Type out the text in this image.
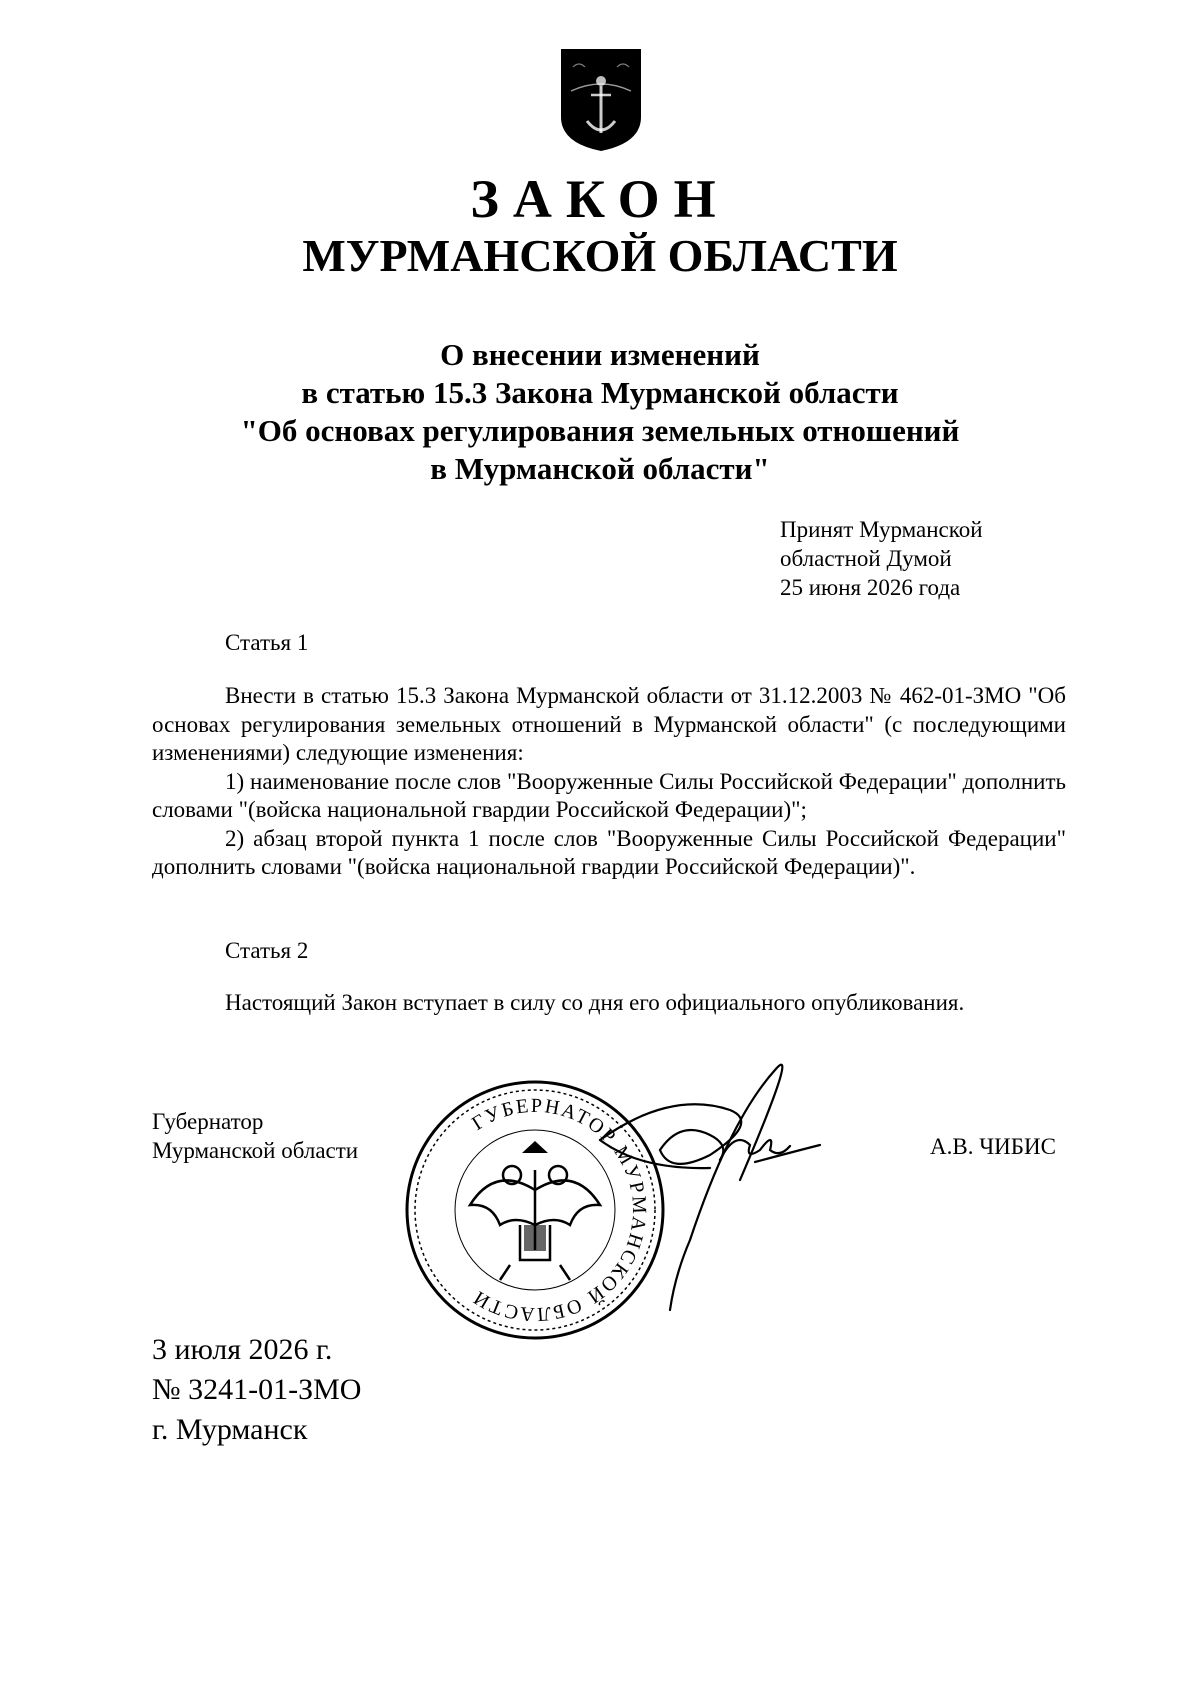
ЗАКОН
МУРМАНСКОЙ ОБЛАСТИ
О внесении изменений
в статью 15.3 Закона Мурманской области
"Об основах регулирования земельных отношений
в Мурманской области"
Принят Мурманской
областной Думой
25 июня 2026 года
Статья 1

Внести в статью 15.3 Закона Мурманской области от 31.12.2003 № 462-01-ЗМО "Об основах регулирования земельных отношений в Мурманской области" (с последующими изменениями) следующие изменения:

1) наименование после слов "Вооруженные Силы Российской Федерации" дополнить словами "(войска национальной гвардии Российской Федерации)";

2) абзац второй пункта 1 после слов "Вооруженные Силы Российской Федерации" дополнить словами "(войска национальной гвардии Российской Федерации)".

Статья 2
Настоящий Закон вступает в силу со дня его официального опубликования.
Губернатор
Мурманской области
ГУБЕРНАТОР МУРМАНСКОЙ ОБЛАСТИ
А.В. ЧИБИС
3 июля 2026 г.
№ 3241-01-ЗМО
г. Мурманск
